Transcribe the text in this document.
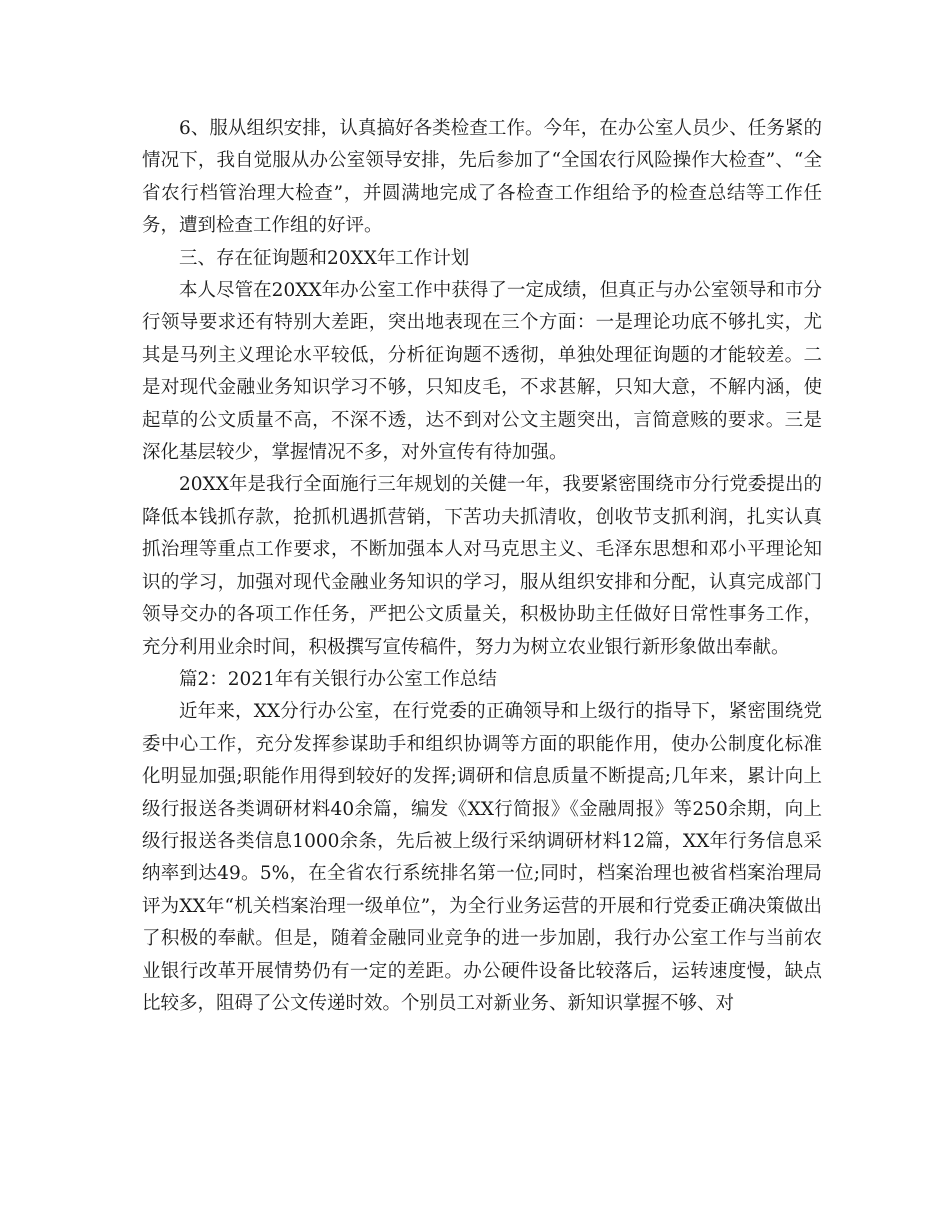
6、服从组织安排，认真搞好各类检查工作。今年，在办公室人员少、任务紧的情况下，我自觉服从办公室领导安排，先后参加了“全国农行风险操作大检查”、“全省农行档管治理大检查”，并圆满地完成了各检查工作组给予的检查总结等工作任务，遭到检查工作组的好评。

三、存在征询题和20XX年工作计划

本人尽管在20XX年办公室工作中获得了一定成绩，但真正与办公室领导和市分行领导要求还有特别大差距，突出地表现在三个方面：一是理论功底不够扎实，尤其是马列主义理论水平较低，分析征询题不透彻，单独处理征询题的才能较差。二是对现代金融业务知识学习不够，只知皮毛，不求甚解，只知大意，不解内涵，使起草的公文质量不高，不深不透，达不到对公文主题突出，言简意赅的要求。三是深化基层较少，掌握情况不多，对外宣传有待加强。

20XX年是我行全面施行三年规划的关健一年，我要紧密围绕市分行党委提出的降低本钱抓存款，抢抓机遇抓营销，下苦功夫抓清收，创收节支抓利润，扎实认真抓治理等重点工作要求，不断加强本人对马克思主义、毛泽东思想和邓小平理论知识的学习，加强对现代金融业务知识的学习，服从组织安排和分配，认真完成部门领导交办的各项工作任务，严把公文质量关，积极协助主任做好日常性事务工作，充分利用业余时间，积极撰写宣传稿件，努力为树立农业银行新形象做出奉献。

篇2：2021年有关银行办公室工作总结

近年来，XX分行办公室，在行党委的正确领导和上级行的指导下，紧密围绕党委中心工作，充分发挥参谋助手和组织协调等方面的职能作用，使办公制度化标准化明显加强;职能作用得到较好的发挥;调研和信息质量不断提高;几年来，累计向上级行报送各类调研材料40余篇，编发《XX行简报》《金融周报》等250余期，向上级行报送各类信息1000余条，先后被上级行采纳调研材料12篇，XX年行务信息采纳率到达49。5%，在全省农行系统排名第一位;同时，档案治理也被省档案治理局评为XX年“机关档案治理一级单位”，为全行业务运营的开展和行党委正确决策做出了积极的奉献。但是，随着金融同业竞争的进一步加剧，我行办公室工作与当前农业银行改革开展情势仍有一定的差距。办公硬件设备比较落后，运转速度慢，缺点比较多，阻碍了公文传递时效。个别员工对新业务、新知识掌握不够、对
